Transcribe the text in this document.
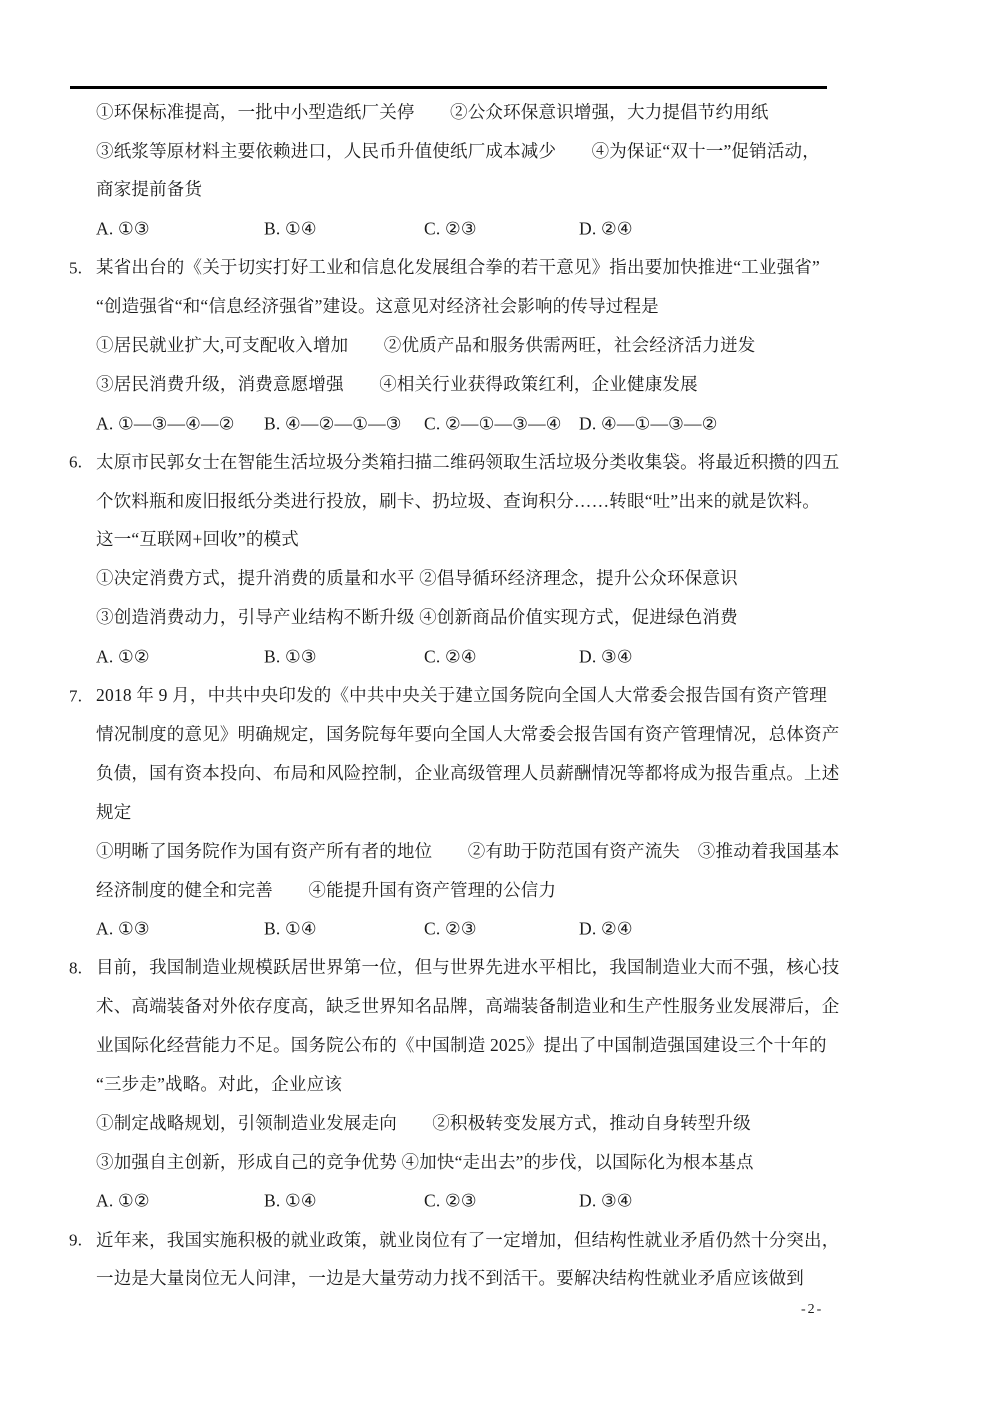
①环保标准提高，一批中小型造纸厂关停　　②公众环保意识增强，大力提倡节约用纸
③纸浆等原材料主要依赖进口，人民币升值使纸厂成本减少　　④为保证“双十一”促销活动，
商家提前备货
A. ①③	B. ①④	C. ②③	D. ②④
5. 某省出台的《关于切实打好工业和信息化发展组合拳的若干意见》指出要加快推进“工业强省”
“创造强省“和“信息经济强省”建设。这意见对经济社会影响的传导过程是
①居民就业扩大,可支配收入增加　　②优质产品和服务供需两旺，社会经济活力迸发
③居民消费升级，消费意愿增强　　④相关行业获得政策红利，企业健康发展
A. ①—③—④—② B. ④—②—①—③ C. ②—①—③—④ D. ④—①—③—②
6. 太原市民郭女士在智能生活垃圾分类箱扫描二维码领取生活垃圾分类收集袋。将最近积攒的四五
个饮料瓶和废旧报纸分类进行投放，刷卡、扔垃圾、查询积分……转眼“吐”出来的就是饮料。
这一“互联网+回收”的模式
①决定消费方式，提升消费的质量和水平 ②倡导循环经济理念，提升公众环保意识
③创造消费动力，引导产业结构不断升级 ④创新商品价值实现方式，促进绿色消费
A. ①②	B. ①③	C. ②④	D. ③④
7. 2018 年 9 月，中共中央印发的《中共中央关于建立国务院向全国人大常委会报告国有资产管理
情况制度的意见》明确规定，国务院每年要向全国人大常委会报告国有资产管理情况，总体资产
负债，国有资本投向、布局和风险控制，企业高级管理人员薪酬情况等都将成为报告重点。上述
规定
①明晰了国务院作为国有资产所有者的地位　　②有助于防范国有资产流失　③推动着我国基本
经济制度的健全和完善　　④能提升国有资产管理的公信力
A. ①③	B. ①④	C. ②③	D. ②④
8. 目前，我国制造业规模跃居世界第一位，但与世界先进水平相比，我国制造业大而不强，核心技
术、高端装备对外依存度高，缺乏世界知名品牌，高端装备制造业和生产性服务业发展滞后，企
业国际化经营能力不足。国务院公布的《中国制造 2025》提出了中国制造强国建设三个十年的
“三步走”战略。对此，企业应该
①制定战略规划，引领制造业发展走向　　②积极转变发展方式，推动自身转型升级
③加强自主创新，形成自己的竞争优势 ④加快“走出去”的步伐，以国际化为根本基点
A. ①②	B. ①④	C. ②③	D. ③④
9. 近年来，我国实施积极的就业政策，就业岗位有了一定增加，但结构性就业矛盾仍然十分突出，
一边是大量岗位无人问津，一边是大量劳动力找不到活干。要解决结构性就业矛盾应该做到
-2-
